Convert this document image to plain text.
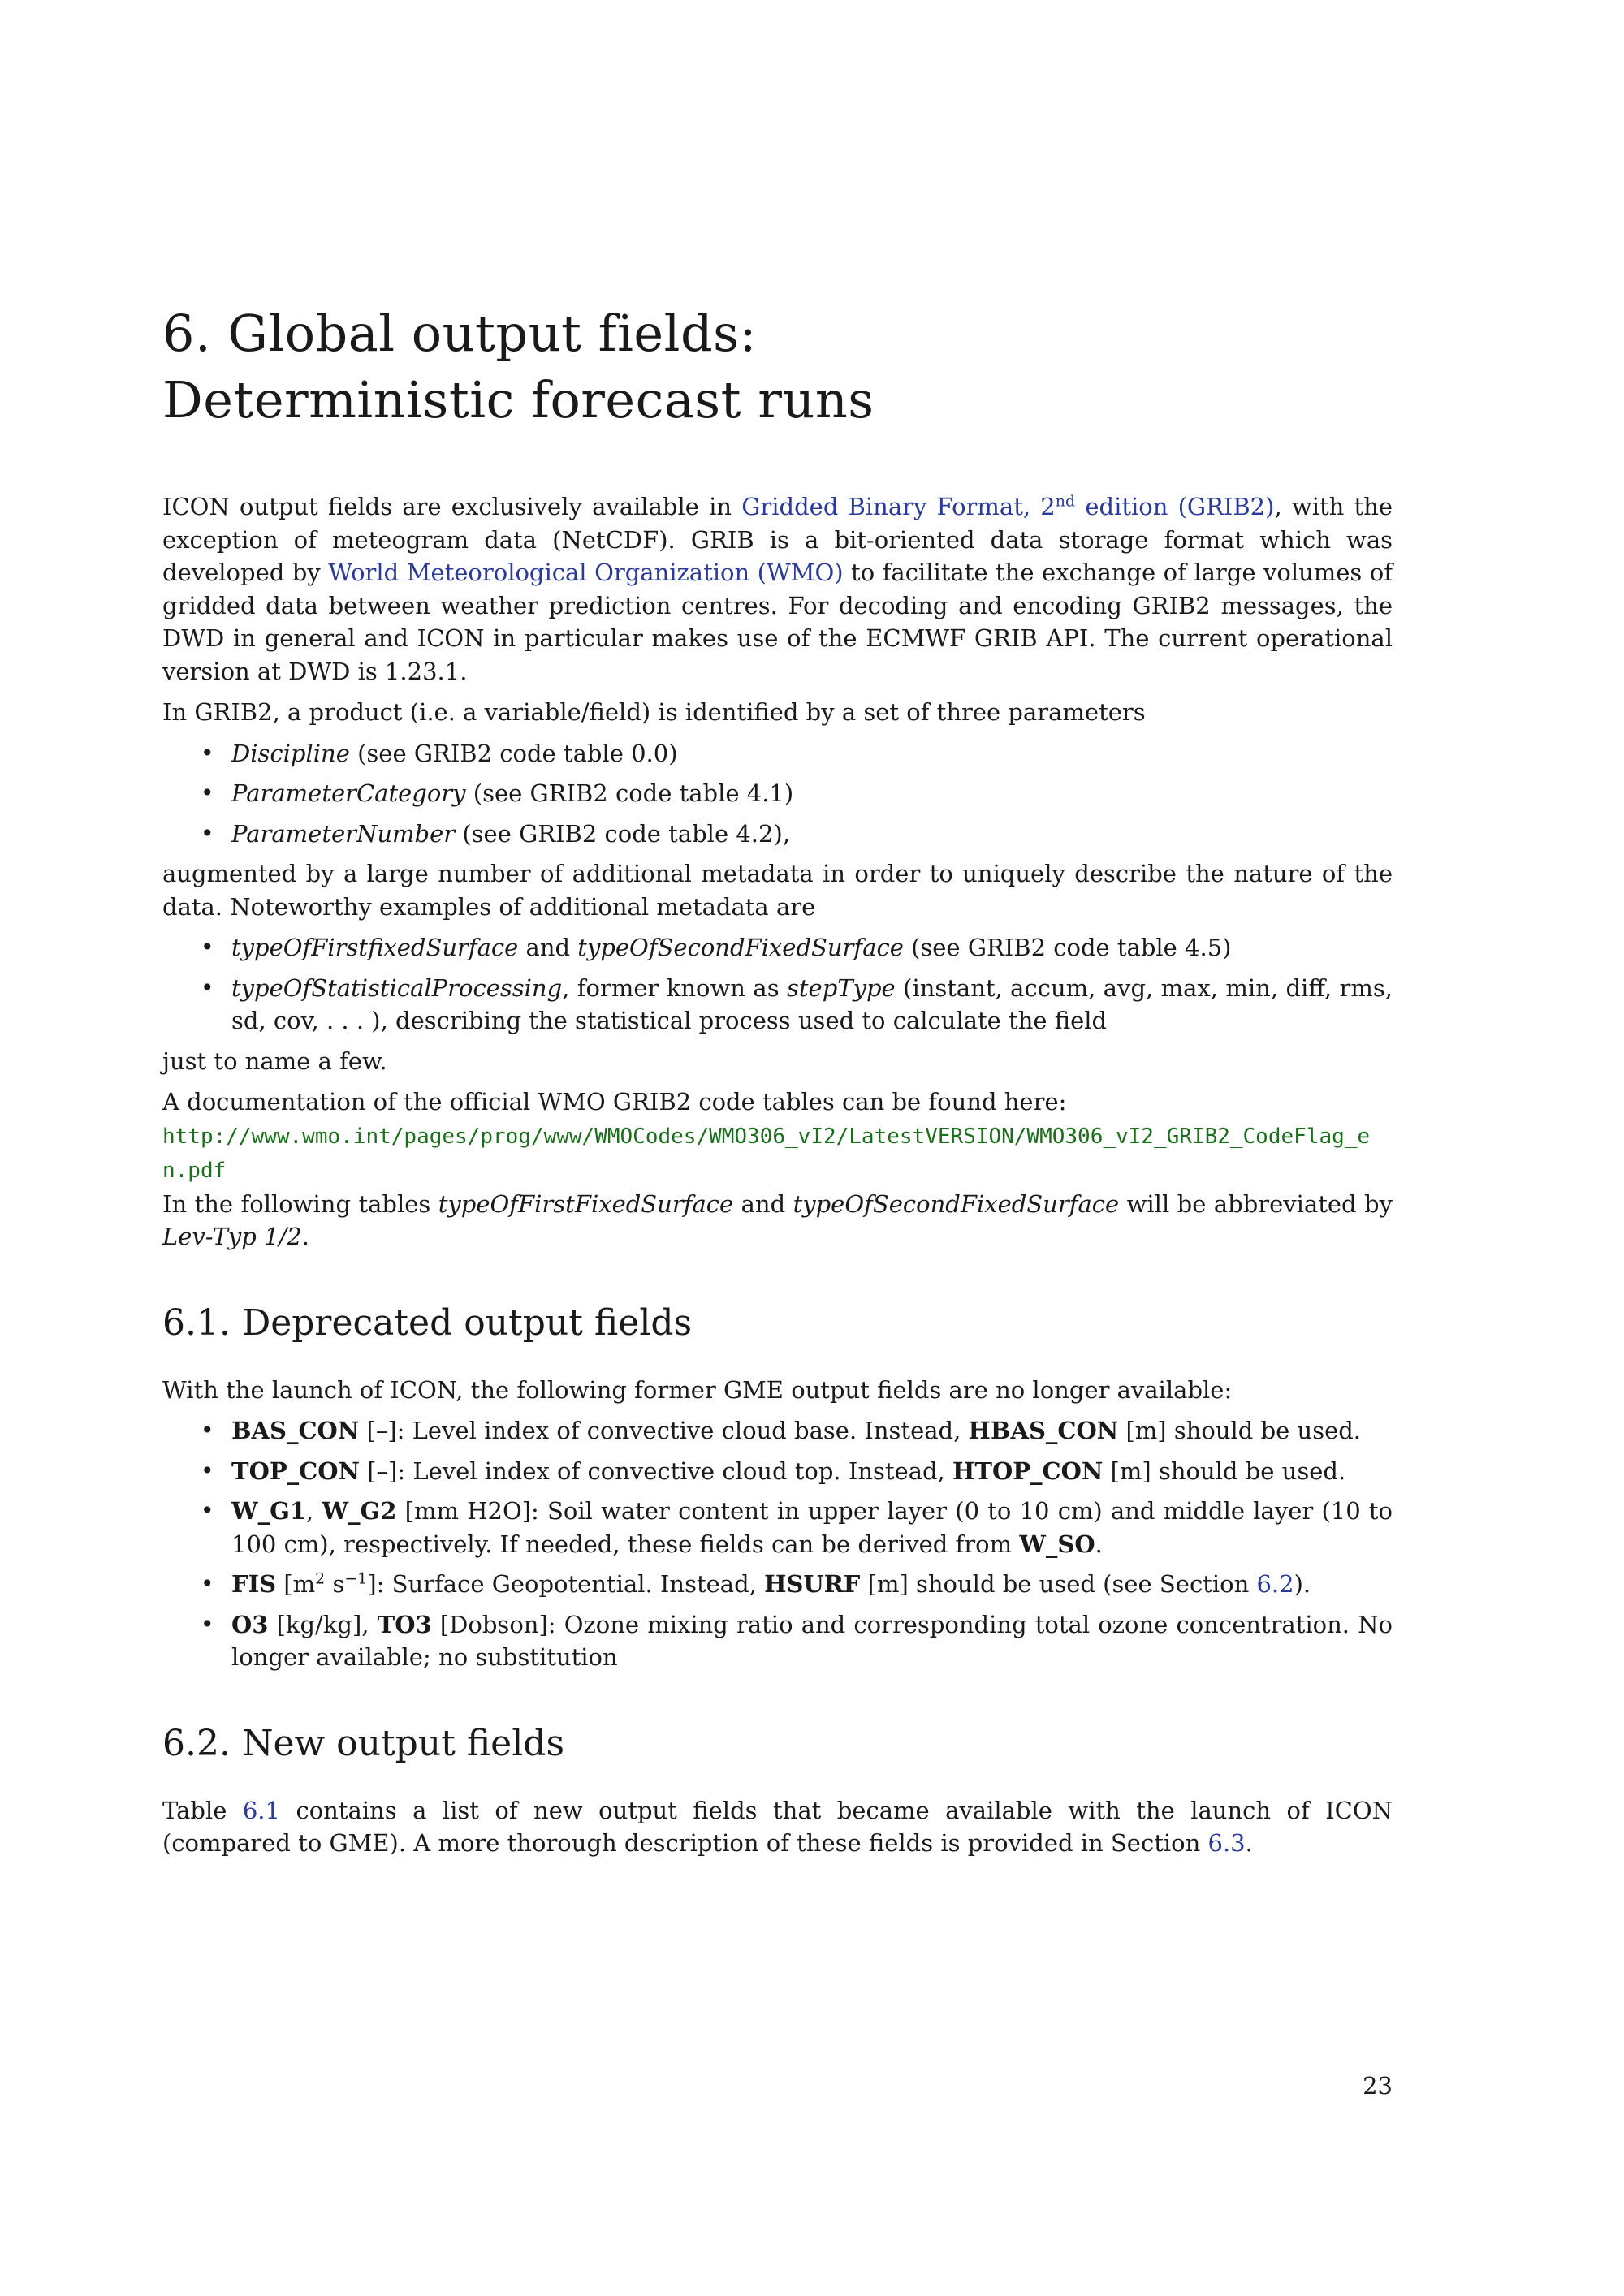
6. Global output fields:
Deterministic forecast runs

ICON output fields are exclusively available in Gridded Binary Format, 2nd edition (GRIB2), with the exception of meteogram data (NetCDF). GRIB is a bit-oriented data storage format which was developed by World Meteorological Organization (WMO) to facilitate the exchange of large volumes of gridded data between weather prediction centres. For decoding and encoding GRIB2 messages, the DWD in general and ICON in particular makes use of the ECMWF GRIB API. The current operational version at DWD is 1.23.1.

In GRIB2, a product (i.e. a variable/field) is identified by a set of three parameters

• Discipline (see GRIB2 code table 0.0)
• ParameterCategory (see GRIB2 code table 4.1)
• ParameterNumber (see GRIB2 code table 4.2),

augmented by a large number of additional metadata in order to uniquely describe the nature of the data. Noteworthy examples of additional metadata are

• typeOfFirstfixedSurface and typeOfSecondFixedSurface (see GRIB2 code table 4.5)
• typeOfStatisticalProcessing, former known as stepType (instant, accum, avg, max, min, diff, rms, sd, cov, . . . ), describing the statistical process used to calculate the field

just to name a few.

A documentation of the official WMO GRIB2 code tables can be found here:
http://www.wmo.int/pages/prog/www/WMOCodes/WMO306_vI2/LatestVERSION/WMO306_vI2_GRIB2_CodeFlag_en.pdf

In the following tables typeOfFirstFixedSurface and typeOfSecondFixedSurface will be abbreviated by Lev-Typ 1/2.

6.1. Deprecated output fields

With the launch of ICON, the following former GME output fields are no longer available:

• BAS_CON [–]: Level index of convective cloud base. Instead, HBAS_CON [m] should be used.
• TOP_CON [–]: Level index of convective cloud top. Instead, HTOP_CON [m] should be used.
• W_G1, W_G2 [mm H2O]: Soil water content in upper layer (0 to 10 cm) and middle layer (10 to 100 cm), respectively. If needed, these fields can be derived from W_SO.
• FIS [$m^2$ $s^{-1}$]: Surface Geopotential. Instead, HSURF [m] should be used (see Section 6.2).
• O3 [kg/kg], TO3 [Dobson]: Ozone mixing ratio and corresponding total ozone concentration. No longer available; no substitution
6.2. New output fields

Table 6.1 contains a list of new output fields that became available with the launch of ICON (compared to GME). A more thorough description of these fields is provided in Section 6.3.

23
